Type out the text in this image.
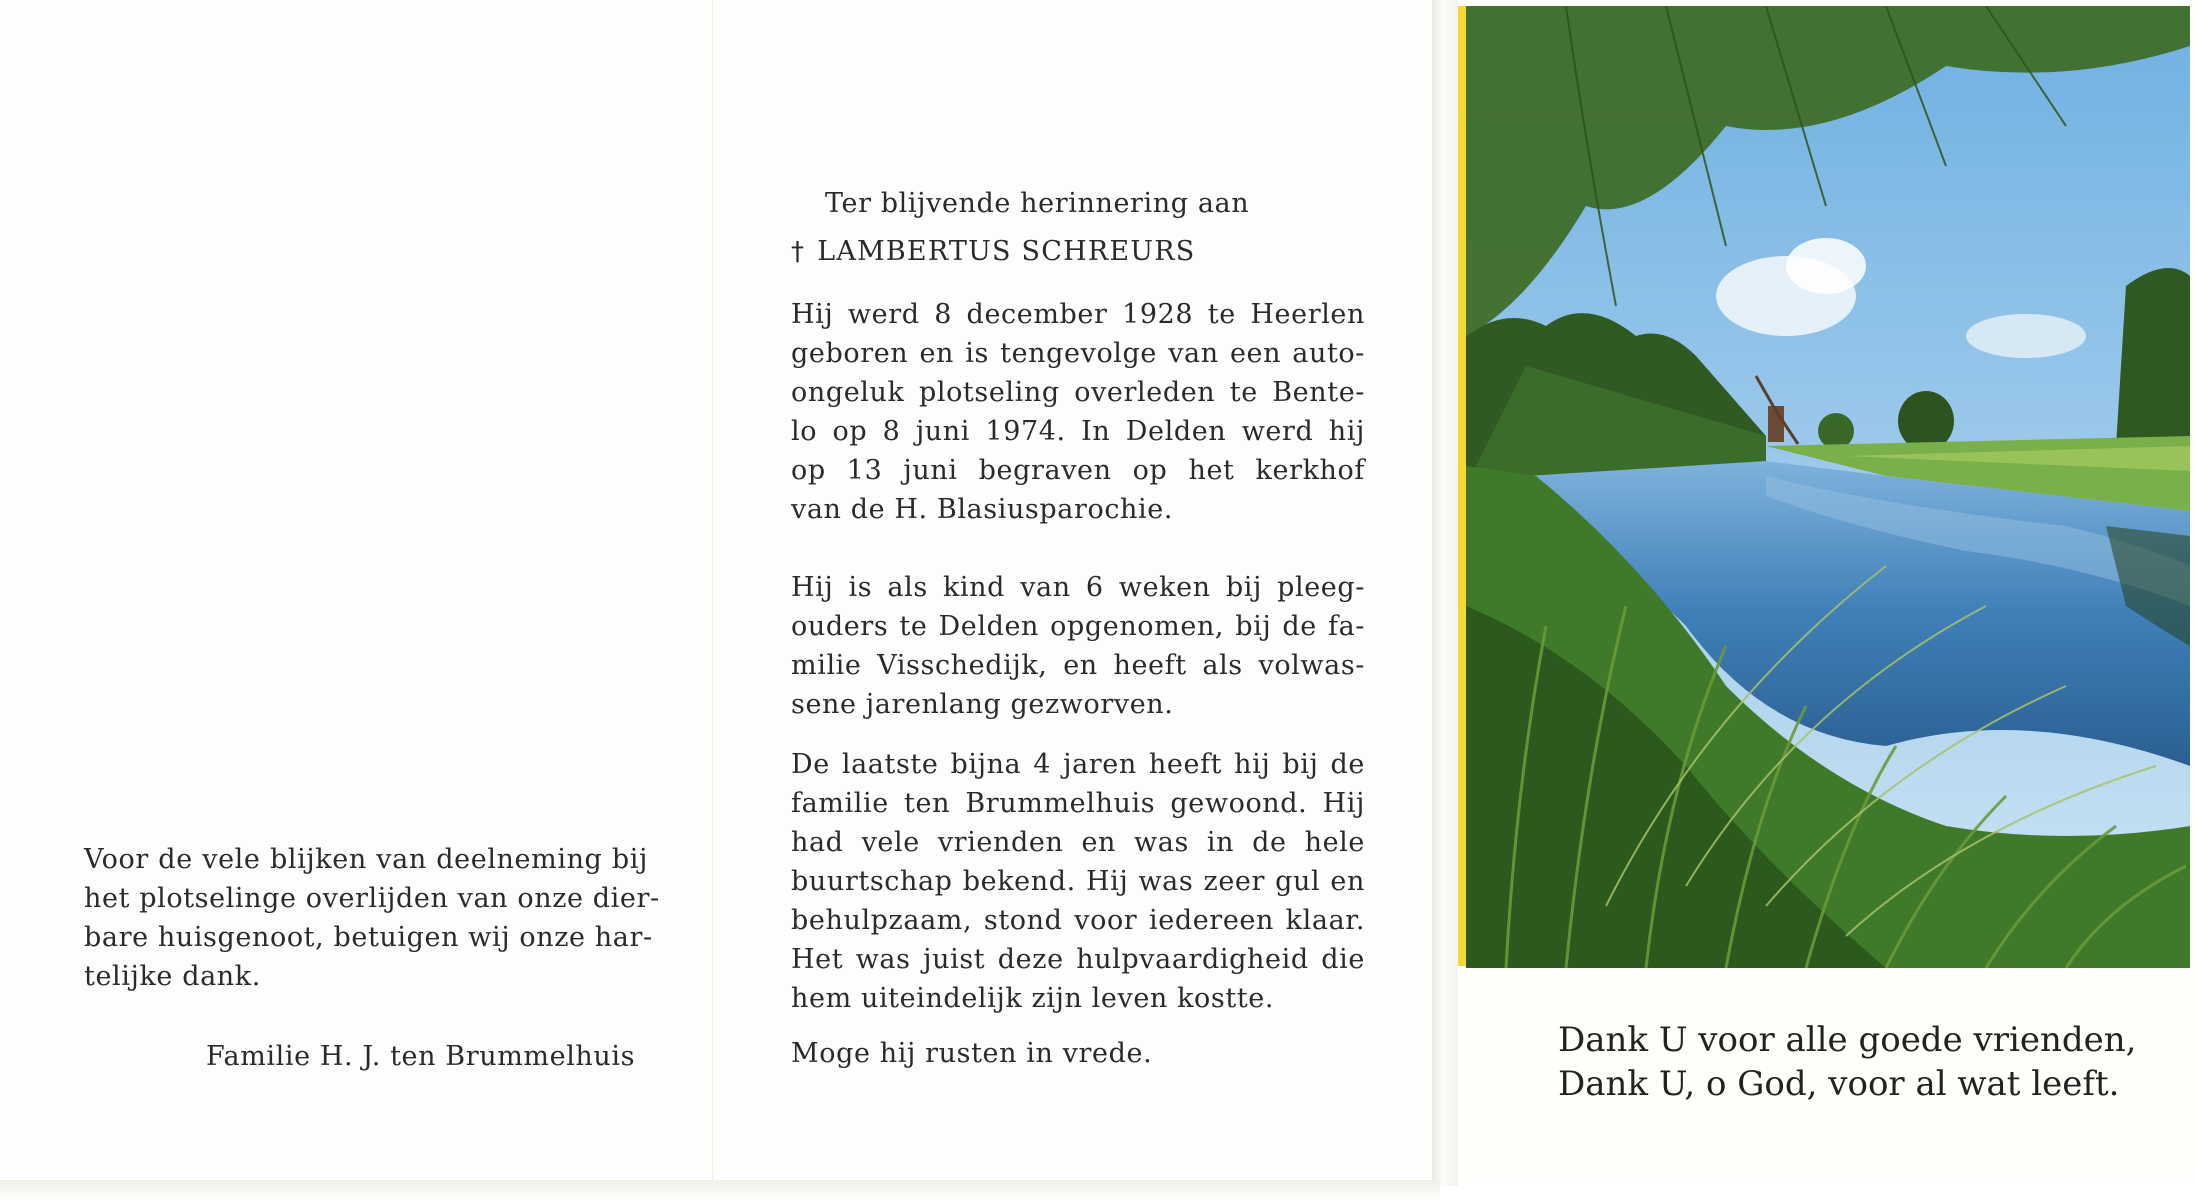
Voor de vele blijken van deelneming bij
het plotselinge overlijden van onze dier-
bare huisgenoot, betuigen wij onze har-
telijke dank.
Familie H. J. ten Brummelhuis
Ter blijvende herinnering aan
† LAMBERTUS SCHREURS
Hij werd 8 december 1928 te Heerlen
geboren en is tengevolge van een auto-
ongeluk plotseling overleden te Bente-
lo op 8 juni 1974. In Delden werd hij
op 13 juni begraven op het kerkhof
van de H. Blasiusparochie.
Hij is als kind van 6 weken bij pleeg-
ouders te Delden opgenomen, bij de fa-
milie Visschedijk, en heeft als volwas-
sene jarenlang gezworven.
De laatste bijna 4 jaren heeft hij bij de
familie ten Brummelhuis gewoond. Hij
had vele vrienden en was in de hele
buurtschap bekend. Hij was zeer gul en
behulpzaam, stond voor iedereen klaar.
Het was juist deze hulpvaardigheid die
hem uiteindelijk zijn leven kostte.
Moge hij rusten in vrede.	Dank U voor alle goede vrienden,
Dank U, o God, voor al wat leeft.
